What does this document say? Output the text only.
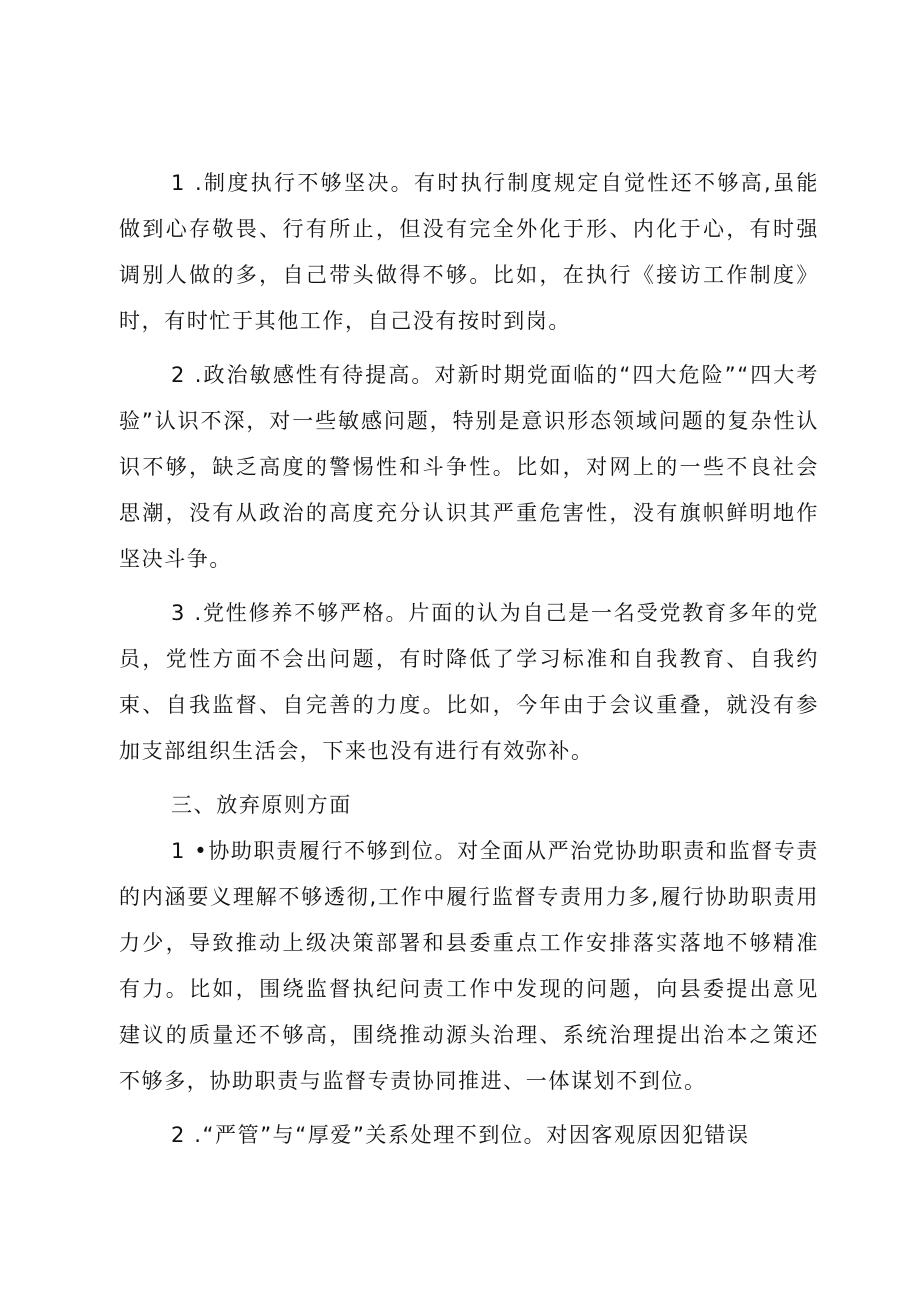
1 .制度执行不够坚决。有时执行制度规定自觉性还不够高,虽能做到心存敬畏、行有所止，但没有完全外化于形、内化于心，有时强调别人做的多，自己带头做得不够。比如，在执行《接访工作制度》时，有时忙于其他工作，自己没有按时到岗。

2 .政治敏感性有待提高。对新时期党面临的“四大危险”“四大考验”认识不深，对一些敏感问题，特别是意识形态领域问题的复杂性认识不够，缺乏高度的警惕性和斗争性。比如，对网上的一些不良社会思潮，没有从政治的高度充分认识其严重危害性，没有旗帜鲜明地作坚决斗争。

3 .党性修养不够严格。片面的认为自己是一名受党教育多年的党员，党性方面不会出问题，有时降低了学习标准和自我教育、自我约束、自我监督、自完善的力度。比如，今年由于会议重叠，就没有参加支部组织生活会，下来也没有进行有效弥补。

三、放弃原则方面

1 •协助职责履行不够到位。对全面从严治党协助职责和监督专责的内涵要义理解不够透彻,工作中履行监督专责用力多,履行协助职责用力少，导致推动上级决策部署和县委重点工作安排落实落地不够精准有力。比如，围绕监督执纪问责工作中发现的问题，向县委提出意见建议的质量还不够高，围绕推动源头治理、系统治理提出治本之策还不够多，协助职责与监督专责协同推进、一体谋划不到位。

2 .“严管”与“厚爱”关系处理不到位。对因客观原因犯错误
